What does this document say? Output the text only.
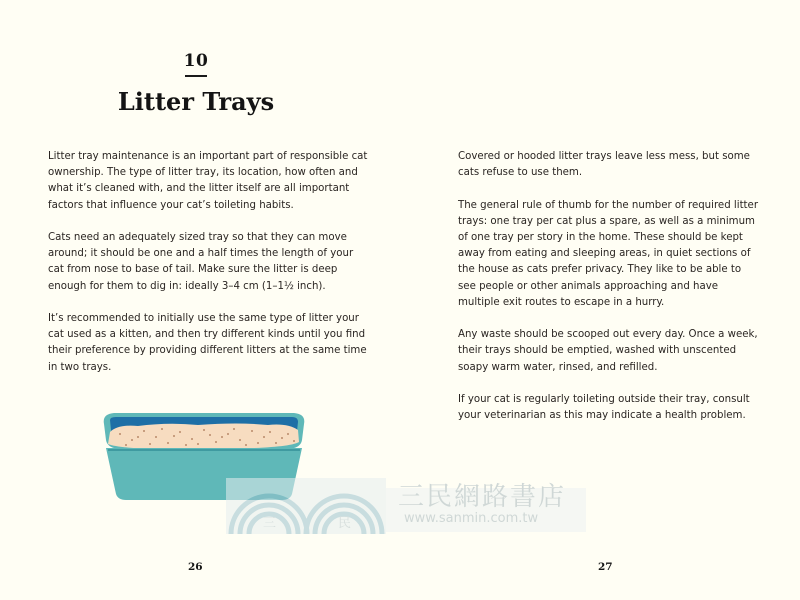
10
Litter Trays

Litter tray maintenance is an important part of responsible cat ownership. The type of litter tray, its location, how often and what it’s cleaned with, and the litter itself are all important factors that influence your cat’s toileting habits.

Cats need an adequately sized tray so that they can move around; it should be one and a half times the length of your cat from nose to base of tail. Make sure the litter is deep enough for them to dig in: ideally 3–4 cm (1–1½ inch).

It’s recommended to initially use the same type of litter your cat used as a kitten, and then try different kinds until you find their preference by providing different litters at the same time in two trays.

26	27

Covered or hooded litter trays leave less mess, but some cats refuse to use them.

The general rule of thumb for the number of required litter trays: one tray per cat plus a spare, as well as a minimum of one tray per story in the home. These should be kept away from eating and sleeping areas, in quiet sections of the house as cats prefer privacy. They like to be able to see people or other animals approaching and have multiple exit routes to escape in a hurry.

Any waste should be scooped out every day. Once a week, their trays should be emptied, washed with unscented soapy warm water, rinsed, and refilled.

If your cat is regularly toileting outside their tray, consult your veterinarian as this may indicate a health problem.

三	民
三民網路書店
www.sanmin.com.tw
